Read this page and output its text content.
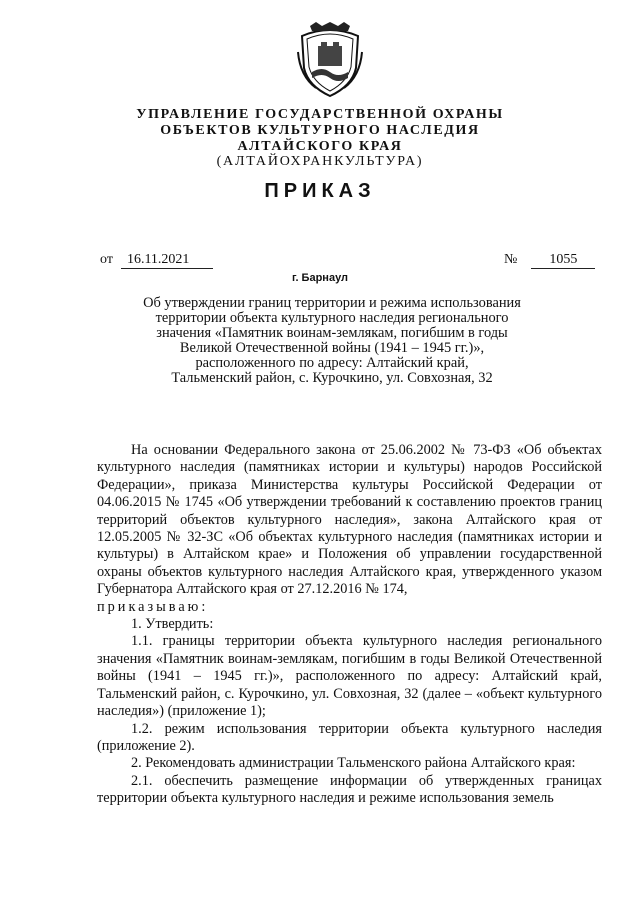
УПРАВЛЕНИЕ ГОСУДАРСТВЕННОЙ ОХРАНЫ
ОБЪЕКТОВ КУЛЬТУРНОГО НАСЛЕДИЯ
АЛТАЙСКОГО КРАЯ
(АЛТАЙОХРАНКУЛЬТУРА)
ПРИКАЗ
от 16.11.2021	№ 1055
г. Барнаул
Об утверждении границ территории и режима использования
территории объекта культурного наследия регионального
значения «Памятник воинам-землякам, погибшим в годы
Великой Отечественной войны (1941 – 1945 гг.)»,
расположенного по адресу: Алтайский край,
Тальменский район, с. Курочкино, ул. Совхозная, 32

На основании Федерального закона от 25.06.2002 № 73-ФЗ «Об объектах культурного наследия (памятниках истории и культуры) народов Российской Федерации», приказа Министерства культуры Российской Федерации от 04.06.2015 № 1745 «Об утверждении требований к составлению проектов границ территорий объектов культурного наследия», закона Алтайского края от 12.05.2005 № 32-ЗС «Об объектах культурного наследия (памятниках истории и культуры) в Алтайском крае» и Положения об управлении государственной охраны объектов культурного наследия Алтайского края, утвержденного указом Губернатора Алтайского края от 27.12.2016 № 174,

приказываю:

1. Утвердить:

1.1. границы территории объекта культурного наследия регионального значения «Памятник воинам-землякам, погибшим в годы Великой Отечественной войны (1941 – 1945 гг.)», расположенного по адресу: Алтайский край, Тальменский район, с. Курочкино, ул. Совхозная, 32 (далее – «объект культурного наследия») (приложение 1);

1.2. режим использования территории объекта культурного наследия (приложение 2).

2. Рекомендовать администрации Тальменского района Алтайского края:

2.1. обеспечить размещение информации об утвержденных границах территории объекта культурного наследия и режиме использования земель
